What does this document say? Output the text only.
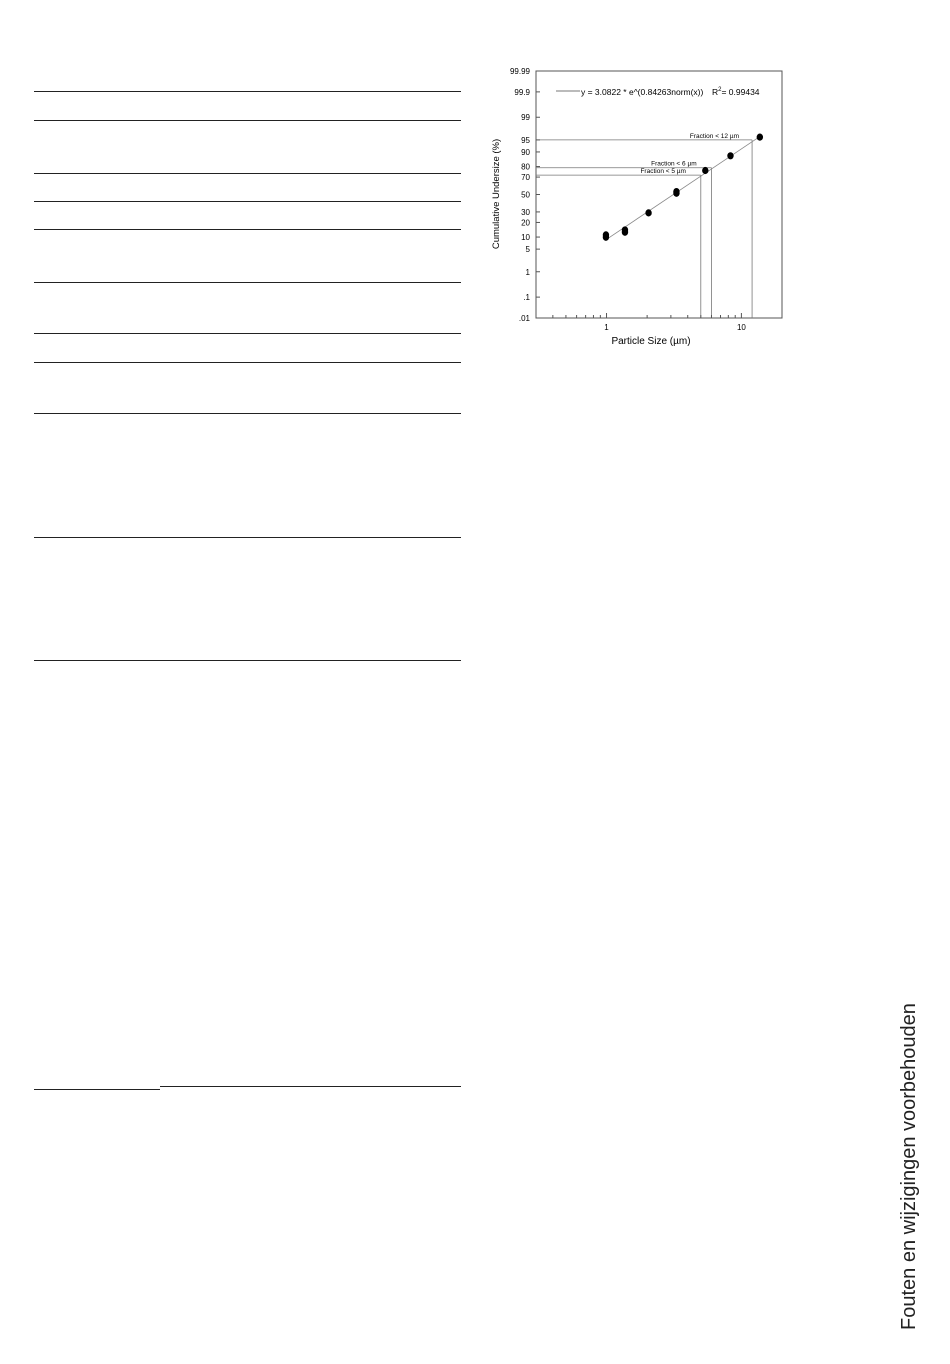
99.99
99.9
99
95
90
80
70
50
30
20
10
5
1
.1
.01
1	10
Fraction < 12 µm
Fraction < 6 µm
Fraction < 5 µm
y = 3.0822 * e^(0.84263norm(x)) $R^2= 0.99434$
Particle Size (µm)
Cumulative Undersize (%)
Fouten en wijzigingen voorbehouden
